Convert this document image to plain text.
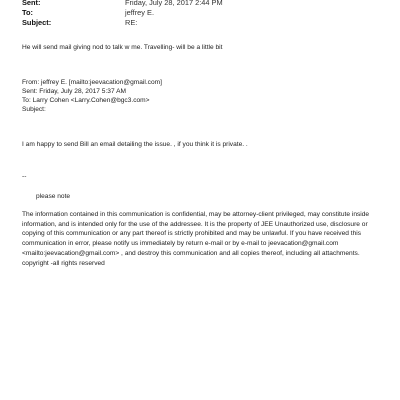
Sent:	Friday, July 28, 2017 2:44 PM
To:	jeffrey E.
Subject:	RE:
He will send mail giving nod to talk w me. Travelling- will be a little bit
From: jeffrey E. [mailto:jeevacation@gmail.com]
Sent: Friday, July 28, 2017 5:37 AM
To: Larry Cohen <Larry.Cohen@bgc3.com>
Subject:
I am happy to send Bill an email detailing the issue. , if you think it is private. .
--
please note
The information contained in this communication is confidential, may be attorney-client privileged, may constitute inside information, and is intended only for the use of the addressee. It is the property of JEE Unauthorized use, disclosure or copying of this communication or any part thereof is strictly prohibited and may be unlawful. If you have received this communication in error, please notify us immediately by return e-mail or by e-mail to jeevacation@gmail.com <mailto:jeevacation@gmail.com> , and destroy this communication and all copies thereof, including all attachments. copyright -all rights reserved
